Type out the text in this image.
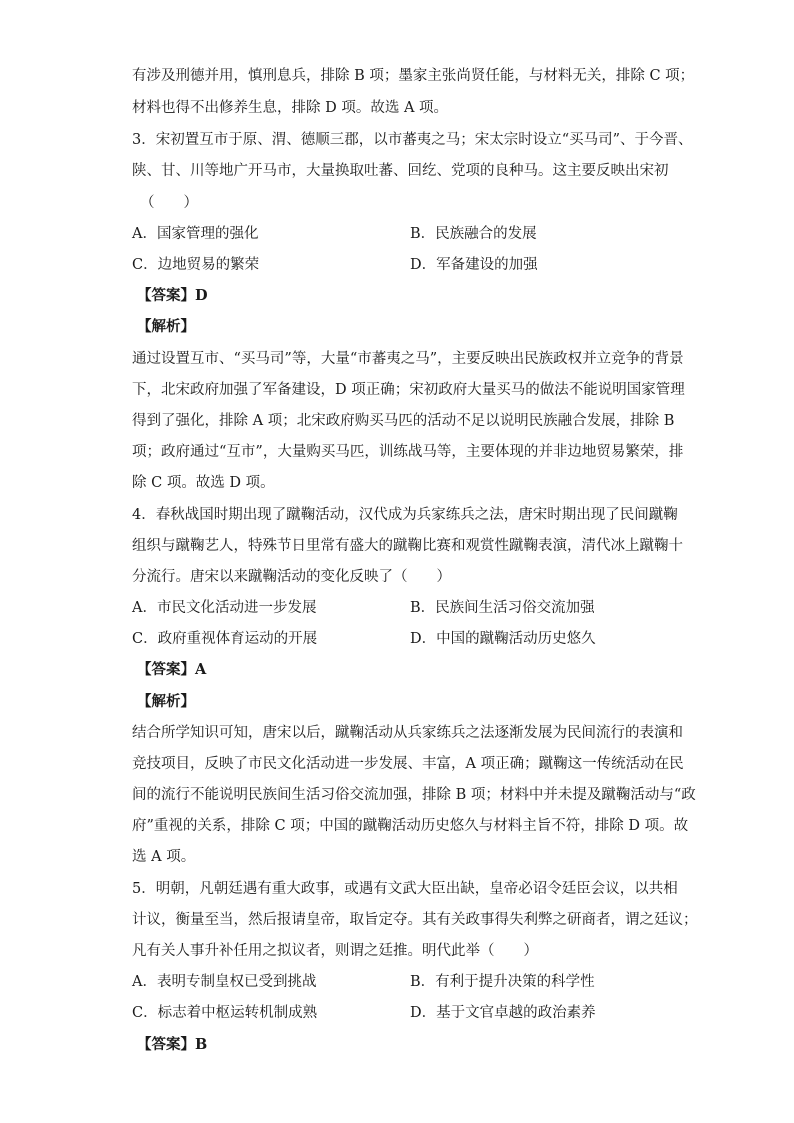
有涉及刑德并用，慎刑息兵，排除 B 项；墨家主张尚贤任能，与材料无关，排除 C 项；
材料也得不出修养生息，排除 D 项。故选 A 项。
3．宋初置互市于原、渭、德顺三郡，以市蕃夷之马；宋太宗时设立“买马司”、于今晋、
陕、甘、川等地广开马市，大量换取吐蕃、回纥、党项的良种马。这主要反映出宋初
（　　）
A．国家管理的强化	B．民族融合的发展
C．边地贸易的繁荣	D．军备建设的加强
【答案】D
【解析】
通过设置互市、“买马司”等，大量“市蕃夷之马”，主要反映出民族政权并立竞争的背景
下，北宋政府加强了军备建设，D 项正确；宋初政府大量买马的做法不能说明国家管理
得到了强化，排除 A 项；北宋政府购买马匹的活动不足以说明民族融合发展，排除 B
项；政府通过“互市”，大量购买马匹，训练战马等，主要体现的并非边地贸易繁荣，排
除 C 项。故选 D 项。
4．春秋战国时期出现了蹴鞠活动，汉代成为兵家练兵之法，唐宋时期出现了民间蹴鞠
组织与蹴鞠艺人，特殊节日里常有盛大的蹴鞠比赛和观赏性蹴鞠表演，清代冰上蹴鞠十
分流行。唐宋以来蹴鞠活动的变化反映了（　　）
A．市民文化活动进一步发展	B．民族间生活习俗交流加强
C．政府重视体育运动的开展	D．中国的蹴鞠活动历史悠久
【答案】A
【解析】
结合所学知识可知，唐宋以后，蹴鞠活动从兵家练兵之法逐渐发展为民间流行的表演和
竞技项目，反映了市民文化活动进一步发展、丰富，A 项正确；蹴鞠这一传统活动在民
间的流行不能说明民族间生活习俗交流加强，排除 B 项；材料中并未提及蹴鞠活动与“政
府”重视的关系，排除 C 项；中国的蹴鞠活动历史悠久与材料主旨不符，排除 D 项。故
选 A 项。
5．明朝，凡朝廷遇有重大政事，或遇有文武大臣出缺，皇帝必诏令廷臣会议，以共相
计议，衡量至当，然后报请皇帝，取旨定夺。其有关政事得失利弊之研商者，谓之廷议；
凡有关人事升补任用之拟议者，则谓之廷推。明代此举（　　）
A．表明专制皇权已受到挑战	B．有利于提升决策的科学性
C．标志着中枢运转机制成熟	D．基于文官卓越的政治素养
【答案】B
